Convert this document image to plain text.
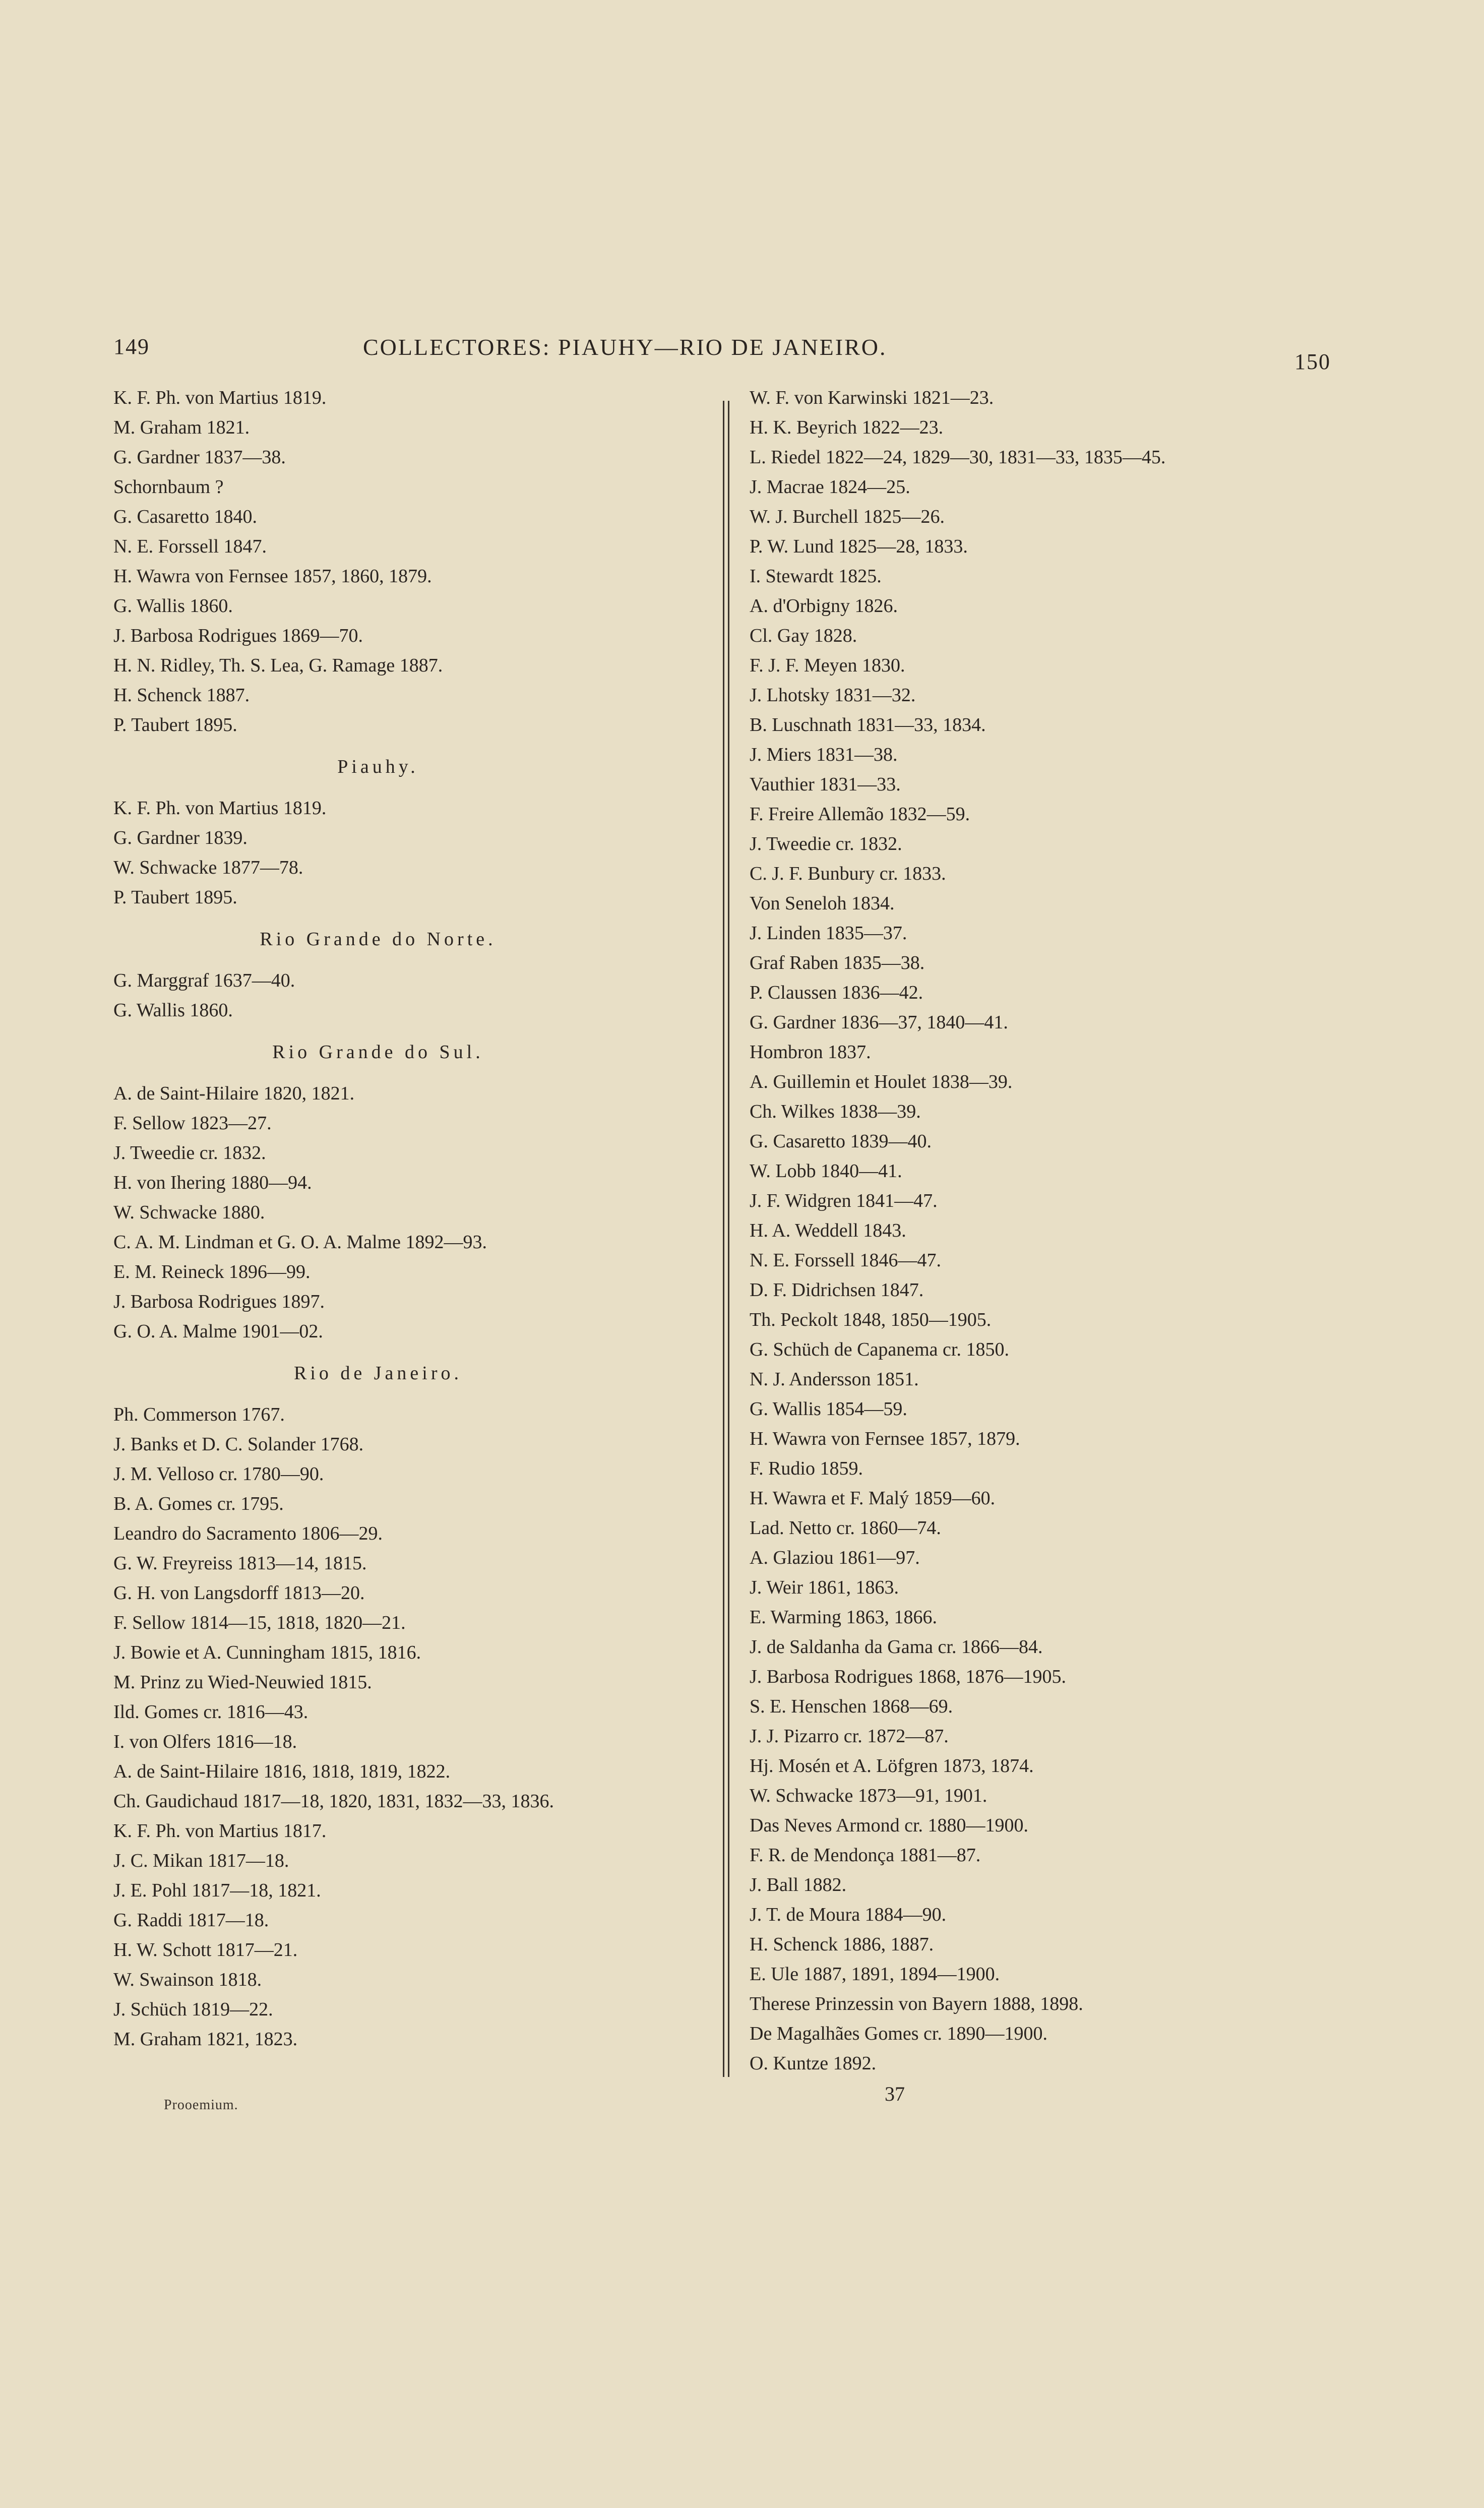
149	COLLECTORES: PIAUHY—RIO DE JANEIRO.
150
K. F. Ph. von Martius 1819.
M. Graham 1821.
G. Gardner 1837—38.
Schornbaum ?
G. Casaretto 1840.
N. E. Forssell 1847.
H. Wawra von Fernsee 1857, 1860, 1879.
G. Wallis 1860.
J. Barbosa Rodrigues 1869—70.
H. N. Ridley, Th. S. Lea, G. Ramage 1887.
H. Schenck 1887.
P. Taubert 1895.
Piauhy.
K. F. Ph. von Martius 1819.
G. Gardner 1839.
W. Schwacke 1877—78.
P. Taubert 1895.
Rio Grande do Norte.
G. Marggraf 1637—40.
G. Wallis 1860.
Rio Grande do Sul.
A. de Saint-Hilaire 1820, 1821.
F. Sellow 1823—27.
J. Tweedie cr. 1832.
H. von Ihering 1880—94.
W. Schwacke 1880.
C. A. M. Lindman et G. O. A. Malme 1892—93.
E. M. Reineck 1896—99.
J. Barbosa Rodrigues 1897.
G. O. A. Malme 1901—02.
Rio de Janeiro.
Ph. Commerson 1767.
J. Banks et D. C. Solander 1768.
J. M. Velloso cr. 1780—90.
B. A. Gomes cr. 1795.
Leandro do Sacramento 1806—29.
G. W. Freyreiss 1813—14, 1815.
G. H. von Langsdorff 1813—20.
F. Sellow 1814—15, 1818, 1820—21.
J. Bowie et A. Cunningham 1815, 1816.
M. Prinz zu Wied-Neuwied 1815.
Ild. Gomes cr. 1816—43.
I. von Olfers 1816—18.
A. de Saint-Hilaire 1816, 1818, 1819, 1822.
Ch. Gaudichaud 1817—18, 1820, 1831, 1832—33, 1836.
K. F. Ph. von Martius 1817.
J. C. Mikan 1817—18.
J. E. Pohl 1817—18, 1821.
G. Raddi 1817—18.
H. W. Schott 1817—21.
W. Swainson 1818.
J. Schüch 1819—22.
M. Graham 1821, 1823.
W. F. von Karwinski 1821—23.
H. K. Beyrich 1822—23.
L. Riedel 1822—24, 1829—30, 1831—33, 1835—45.
J. Macrae 1824—25.
W. J. Burchell 1825—26.
P. W. Lund 1825—28, 1833.
I. Stewardt 1825.
A. d'Orbigny 1826.
Cl. Gay 1828.
F. J. F. Meyen 1830.
J. Lhotsky 1831—32.
B. Luschnath 1831—33, 1834.
J. Miers 1831—38.
Vauthier 1831—33.
F. Freire Allemão 1832—59.
J. Tweedie cr. 1832.
C. J. F. Bunbury cr. 1833.
Von Seneloh 1834.
J. Linden 1835—37.
Graf Raben 1835—38.
P. Claussen 1836—42.
G. Gardner 1836—37, 1840—41.
Hombron 1837.
A. Guillemin et Houlet 1838—39.
Ch. Wilkes 1838—39.
G. Casaretto 1839—40.
W. Lobb 1840—41.
J. F. Widgren 1841—47.
H. A. Weddell 1843.
N. E. Forssell 1846—47.
D. F. Didrichsen 1847.
Th. Peckolt 1848, 1850—1905.
G. Schüch de Capanema cr. 1850.
N. J. Andersson 1851.
G. Wallis 1854—59.
H. Wawra von Fernsee 1857, 1879.
F. Rudio 1859.
H. Wawra et F. Malý 1859—60.
Lad. Netto cr. 1860—74.
A. Glaziou 1861—97.
J. Weir 1861, 1863.
E. Warming 1863, 1866.
J. de Saldanha da Gama cr. 1866—84.
J. Barbosa Rodrigues 1868, 1876—1905.
S. E. Henschen 1868—69.
J. J. Pizarro cr. 1872—87.
Hj. Mosén et A. Löfgren 1873, 1874.
W. Schwacke 1873—91, 1901.
Das Neves Armond cr. 1880—1900.
F. R. de Mendonça 1881—87.
J. Ball 1882.
J. T. de Moura 1884—90.
H. Schenck 1886, 1887.
E. Ule 1887, 1891, 1894—1900.
Therese Prinzessin von Bayern 1888, 1898.
De Magalhães Gomes cr. 1890—1900.
O. Kuntze 1892.
Prooemium.	37
